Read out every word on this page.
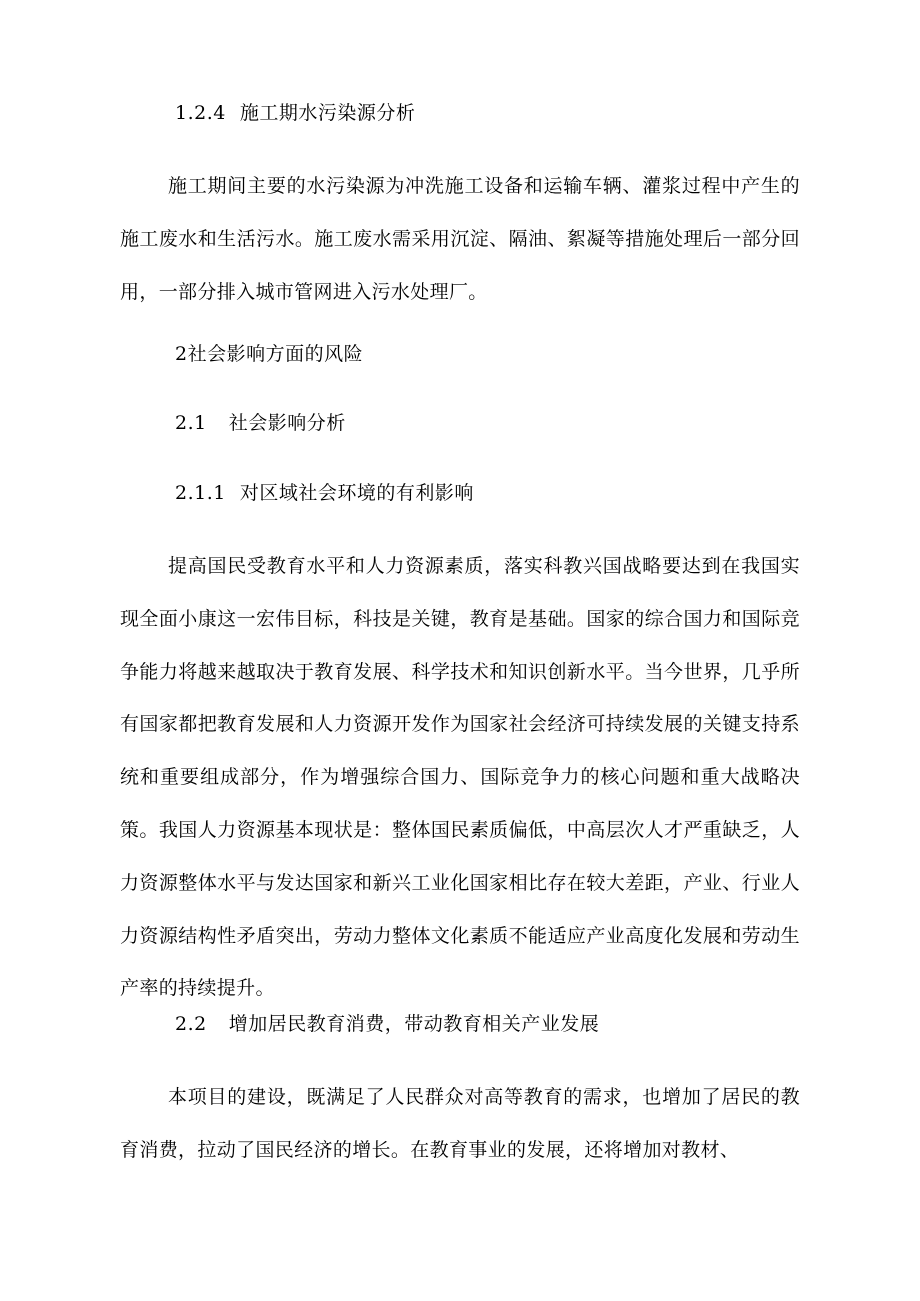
1.2.4 施工期水污染源分析
施工期间主要的水污染源为冲洗施工设备和运输车辆、灌浆过程中产生的施工废水和生活污水。施工废水需采用沉淀、隔油、絮凝等措施处理后一部分回用，一部分排入城市管网进入污水处理厂。
2社会影响方面的风险
2.1 社会影响分析
2.1.1 对区域社会环境的有利影响
提高国民受教育水平和人力资源素质，落实科教兴国战略要达到在我国实现全面小康这一宏伟目标，科技是关键，教育是基础。国家的综合国力和国际竞争能力将越来越取决于教育发展、科学技术和知识创新水平。当今世界，几乎所有国家都把教育发展和人力资源开发作为国家社会经济可持续发展的关键支持系统和重要组成部分，作为增强综合国力、国际竞争力的核心问题和重大战略决策。我国人力资源基本现状是：整体国民素质偏低，中高层次人才严重缺乏，人力资源整体水平与发达国家和新兴工业化国家相比存在较大差距，产业、行业人力资源结构性矛盾突出，劳动力整体文化素质不能适应产业高度化发展和劳动生产率的持续提升。
2.2 增加居民教育消费，带动教育相关产业发展
本项目的建设，既满足了人民群众对高等教育的需求，也增加了居民的教育消费，拉动了国民经济的增长。在教育事业的发展，还将增加对教材、
